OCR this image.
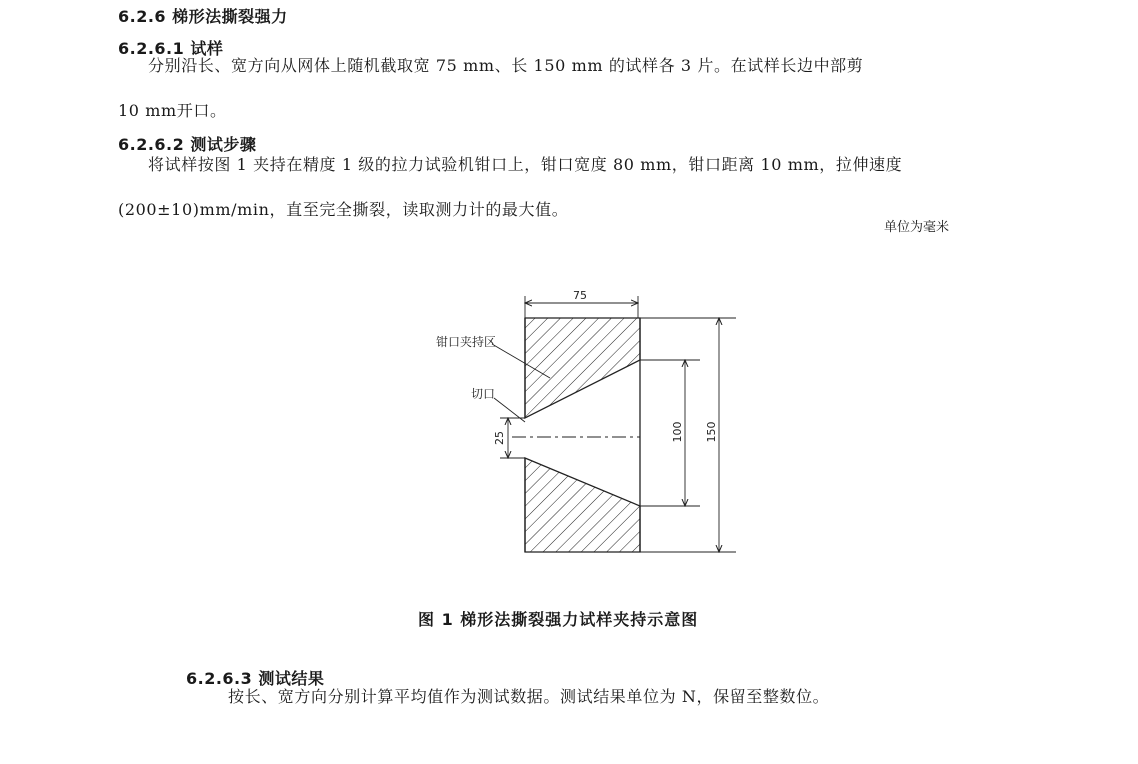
6.2.6 梯形法撕裂强力
6.2.6.1 试样
分别沿长、宽方向从网体上随机截取宽 75 mm、长 150 mm 的试样各 3 片。在试样长边中部剪
10 mm开口。
6.2.6.2 测试步骤
将试样按图 1 夹持在精度 1 级的拉力试验机钳口上，钳口宽度 80 mm，钳口距离 10 mm，拉伸速度
(200±10)mm/min，直至完全撕裂，读取测力计的最大值。
单位为毫米
75
150
100
25
钳口夹持区
切口
图 1 梯形法撕裂强力试样夹持示意图
6.2.6.3 测试结果
按长、宽方向分别计算平均值作为测试数据。测试结果单位为 N，保留至整数位。
